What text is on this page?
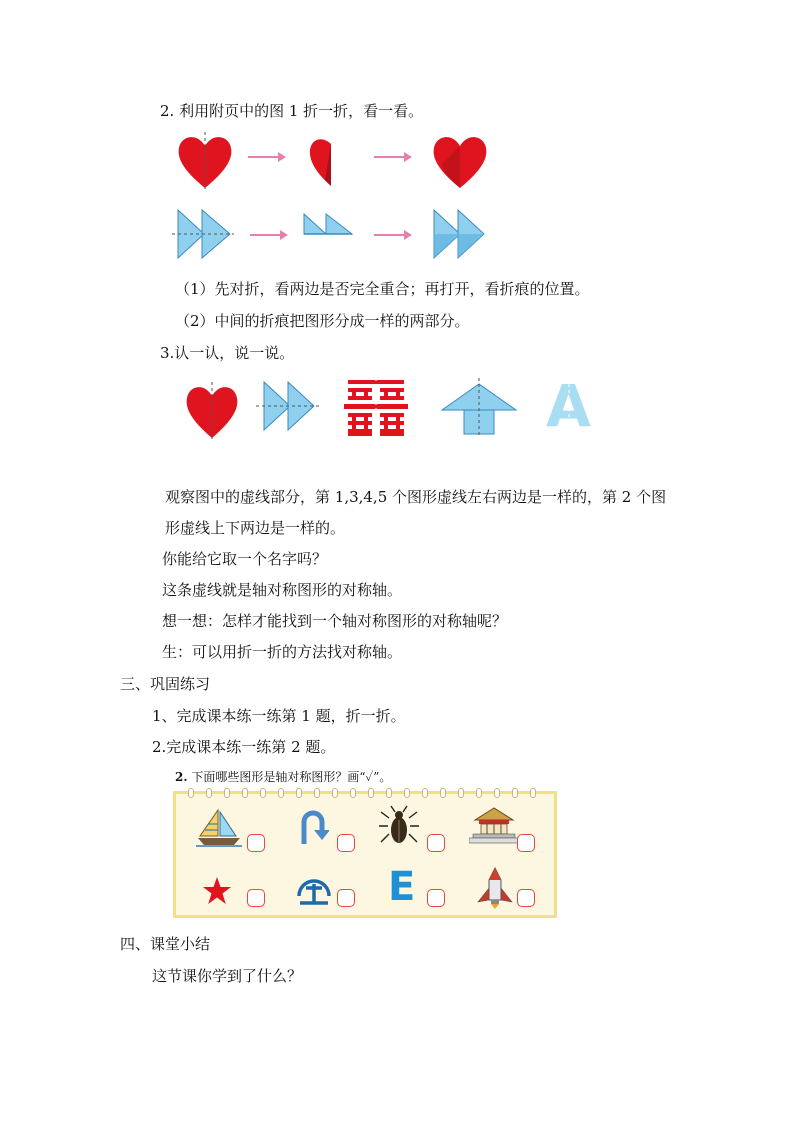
2. 利用附页中的图 1 折一折，看一看。
（1）先对折，看两边是否完全重合；再打开，看折痕的位置。
（2）中间的折痕把图形分成一样的两部分。
3.认一认，说一说。
A
观察图中的虚线部分，第 1,3,4,5 个图形虚线左右两边是一样的，第 2 个图
形虚线上下两边是一样的。
你能给它取一个名字吗？
这条虚线就是轴对称图形的对称轴。
想一想：怎样才能找到一个轴对称图形的对称轴呢？
生：可以用折一折的方法找对称轴。
三、巩固练习
1、完成课本练一练第 1 题，折一折。
2.完成课本练一练第 2 题。
2. 下面哪些图形是轴对称图形？画“✓”。
E
四、课堂小结
这节课你学到了什么？
